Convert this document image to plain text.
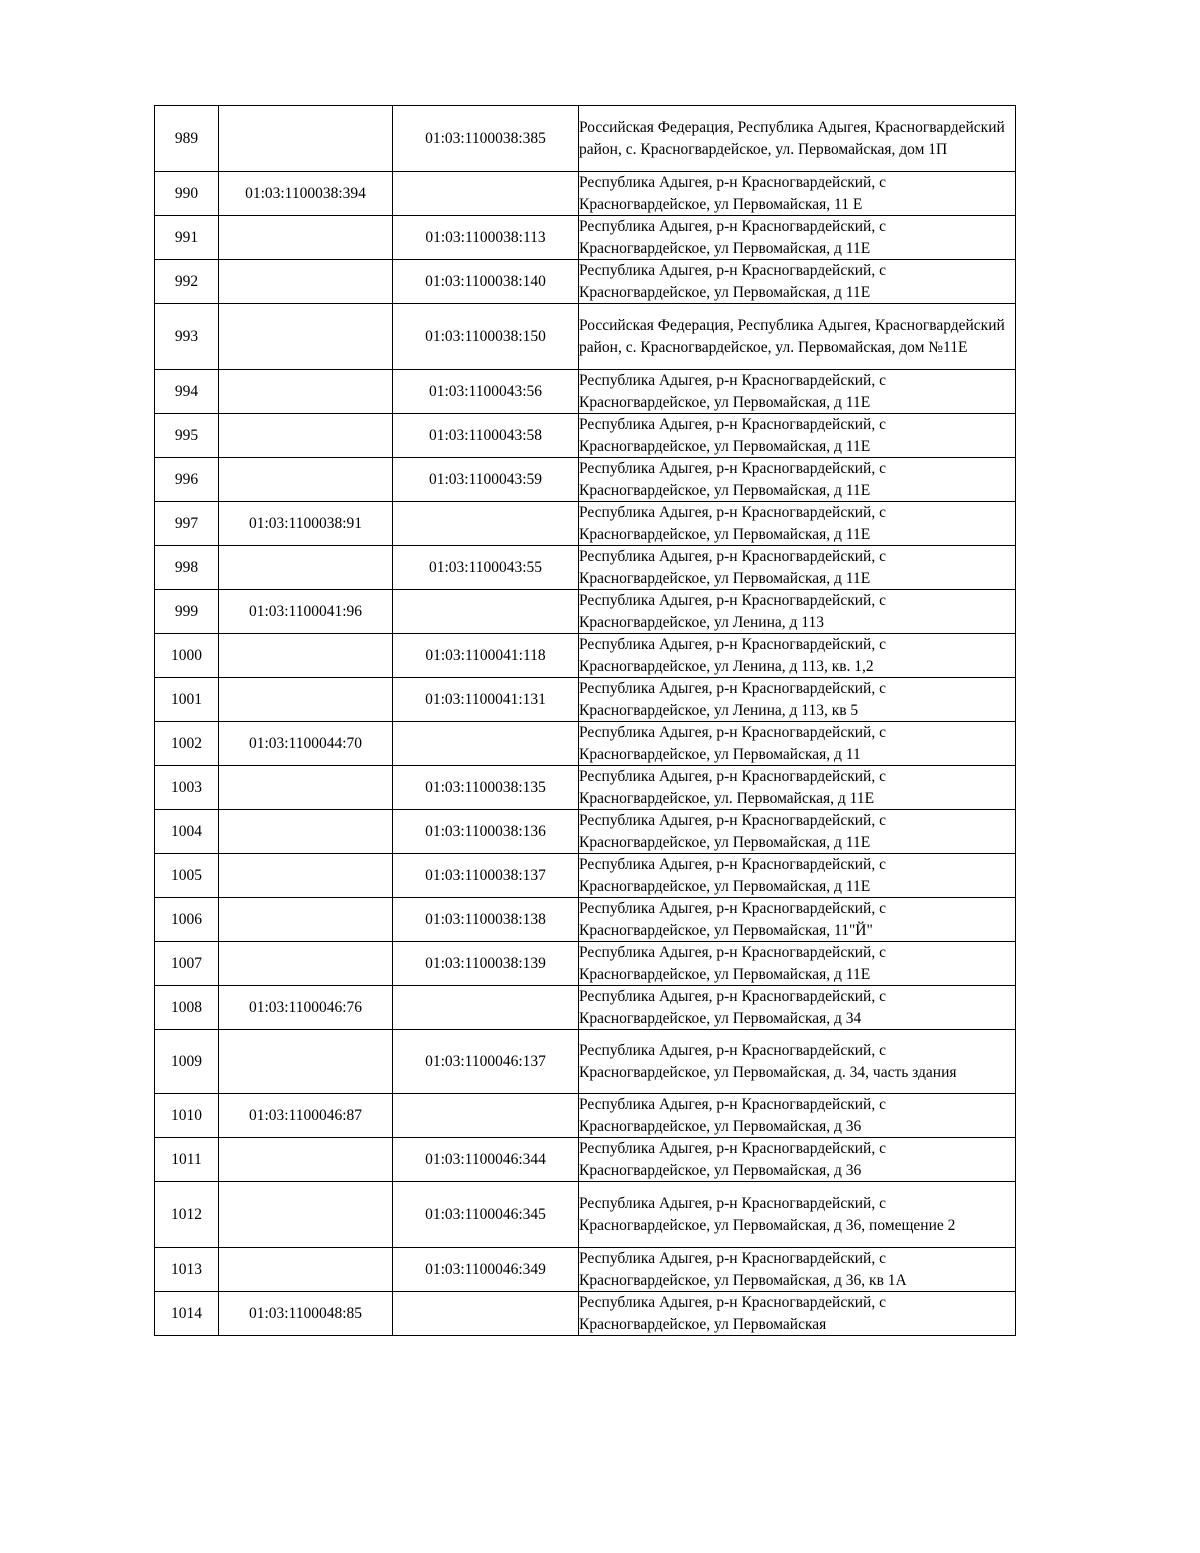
989		01:03:1100038:385	Российская Федерация, Республика Адыгея, Красногвардейский район, с. Красногвардейское, ул. Первомайская, дом 1П
990	01:03:1100038:394		Республика Адыгея, р-н Красногвардейский, с Красногвардейское, ул Первомайская, 11 Е
991		01:03:1100038:113	Республика Адыгея, р-н Красногвардейский, с Красногвардейское, ул Первомайская, д 11Е
992		01:03:1100038:140	Республика Адыгея, р-н Красногвардейский, с Красногвардейское, ул Первомайская, д 11Е
993		01:03:1100038:150	Российская Федерация, Республика Адыгея, Красногвардейский район, с. Красногвардейское, ул. Первомайская, дом №11Е
994		01:03:1100043:56	Республика Адыгея, р-н Красногвардейский, с Красногвардейское, ул Первомайская, д 11Е
995		01:03:1100043:58	Республика Адыгея, р-н Красногвардейский, с Красногвардейское, ул Первомайская, д 11Е
996		01:03:1100043:59	Республика Адыгея, р-н Красногвардейский, с Красногвардейское, ул Первомайская, д 11Е
997	01:03:1100038:91		Республика Адыгея, р-н Красногвардейский, с Красногвардейское, ул Первомайская, д 11Е
998		01:03:1100043:55	Республика Адыгея, р-н Красногвардейский, с Красногвардейское, ул Первомайская, д 11Е
999	01:03:1100041:96		Республика Адыгея, р-н Красногвардейский, с Красногвардейское, ул Ленина, д 113
1000		01:03:1100041:118	Республика Адыгея, р-н Красногвардейский, с Красногвардейское, ул Ленина, д 113, кв. 1,2
1001		01:03:1100041:131	Республика Адыгея, р-н Красногвардейский, с Красногвардейское, ул Ленина, д 113, кв 5
1002	01:03:1100044:70		Республика Адыгея, р-н Красногвардейский, с Красногвардейское, ул Первомайская, д 11
1003		01:03:1100038:135	Республика Адыгея, р-н Красногвардейский, с Красногвардейское, ул. Первомайская, д 11Е
1004		01:03:1100038:136	Республика Адыгея, р-н Красногвардейский, с Красногвардейское, ул Первомайская, д 11Е
1005		01:03:1100038:137	Республика Адыгея, р-н Красногвардейский, с Красногвардейское, ул Первомайская, д 11Е
1006		01:03:1100038:138	Республика Адыгея, р-н Красногвардейский, с Красногвардейское, ул Первомайская, 11"Й"
1007		01:03:1100038:139	Республика Адыгея, р-н Красногвардейский, с Красногвардейское, ул Первомайская, д 11Е
1008	01:03:1100046:76		Республика Адыгея, р-н Красногвардейский, с Красногвардейское, ул Первомайская, д 34
1009		01:03:1100046:137	Республика Адыгея, р-н Красногвардейский, с Красногвардейское, ул Первомайская, д. 34, часть здания
1010	01:03:1100046:87		Республика Адыгея, р-н Красногвардейский, с Красногвардейское, ул Первомайская, д 36
1011		01:03:1100046:344	Республика Адыгея, р-н Красногвардейский, с Красногвардейское, ул Первомайская, д 36
1012		01:03:1100046:345	Республика Адыгея, р-н Красногвардейский, с Красногвардейское, ул Первомайская, д 36, помещение 2
1013		01:03:1100046:349	Республика Адыгея, р-н Красногвардейский, с Красногвардейское, ул Первомайская, д 36, кв 1А
1014	01:03:1100048:85		Республика Адыгея, р-н Красногвардейский, с Красногвардейское, ул Первомайская
